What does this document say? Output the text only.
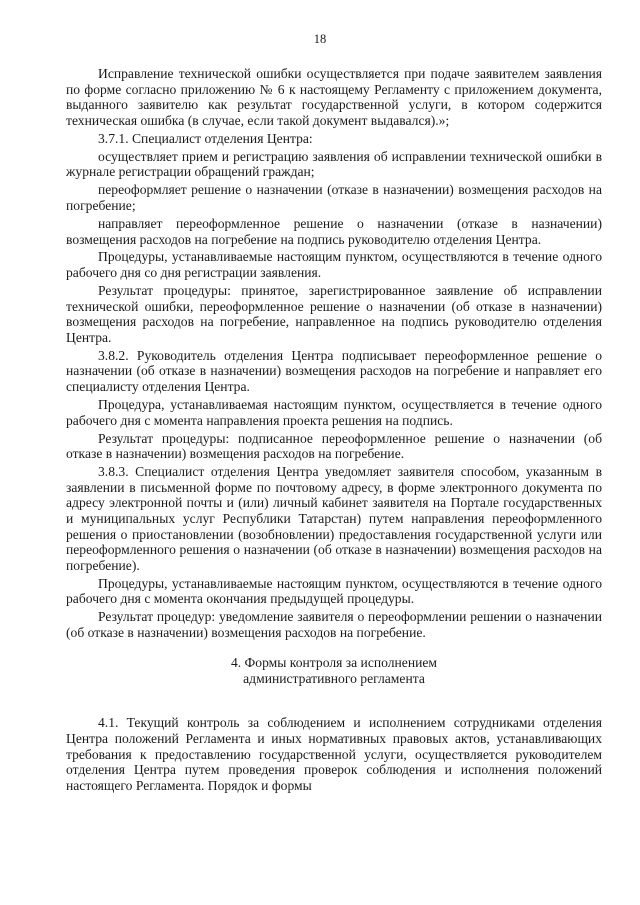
18

Исправление технической ошибки осуществляется при подаче заявителем заявления по форме согласно приложению № 6 к настоящему Регламенту с приложением документа, выданного заявителю как результат государственной услуги, в котором содержится техническая ошибка (в случае, если такой документ выдавался).»;

3.7.1. Специалист отделения Центра:

осуществляет прием и регистрацию заявления об исправлении технической ошибки в журнале регистрации обращений граждан;

переоформляет решение о назначении (отказе в назначении) возмещения расходов на погребение;

направляет переоформленное решение о назначении (отказе в назначении) возмещения расходов на погребение на подпись руководителю отделения Центра.

Процедуры, устанавливаемые настоящим пунктом, осуществляются в течение одного рабочего дня со дня регистрации заявления.

Результат процедуры: принятое, зарегистрированное заявление об исправлении технической ошибки, переоформленное решение о назначении (об отказе в назначении) возмещения расходов на погребение, направленное на подпись руководителю отделения Центра.

3.8.2. Руководитель отделения Центра подписывает переоформленное решение о назначении (об отказе в назначении) возмещения расходов на погребение и направляет его специалисту отделения Центра.

Процедура, устанавливаемая настоящим пунктом, осуществляется в течение одного рабочего дня с момента направления проекта решения на подпись.

Результат процедуры: подписанное переоформленное решение о назначении (об отказе в назначении) возмещения расходов на погребение.

3.8.3. Специалист отделения Центра уведомляет заявителя способом, указанным в заявлении в письменной форме по почтовому адресу, в форме электронного документа по адресу электронной почты и (или) личный кабинет заявителя на Портале государственных и муниципальных услуг Республики Татарстан) путем направления переоформленного решения о приостановлении (возобновлении) предоставления государственной услуги или переоформленного решения о назначении (об отказе в назначении) возмещения расходов на погребение).

Процедуры, устанавливаемые настоящим пунктом, осуществляются в течение одного рабочего дня с момента окончания предыдущей процедуры.

Результат процедур: уведомление заявителя о переоформлении решении о назначении (об отказе в назначении) возмещения расходов на погребение.

4. Формы контроля за исполнением
административного регламента

4.1. Текущий контроль за соблюдением и исполнением сотрудниками отделения Центра положений Регламента и иных нормативных правовых актов, устанавливающих требования к предоставлению государственной услуги, осуществляется руководителем отделения Центра путем проведения проверок соблюдения и исполнения положений настоящего Регламента. Порядок и формы
